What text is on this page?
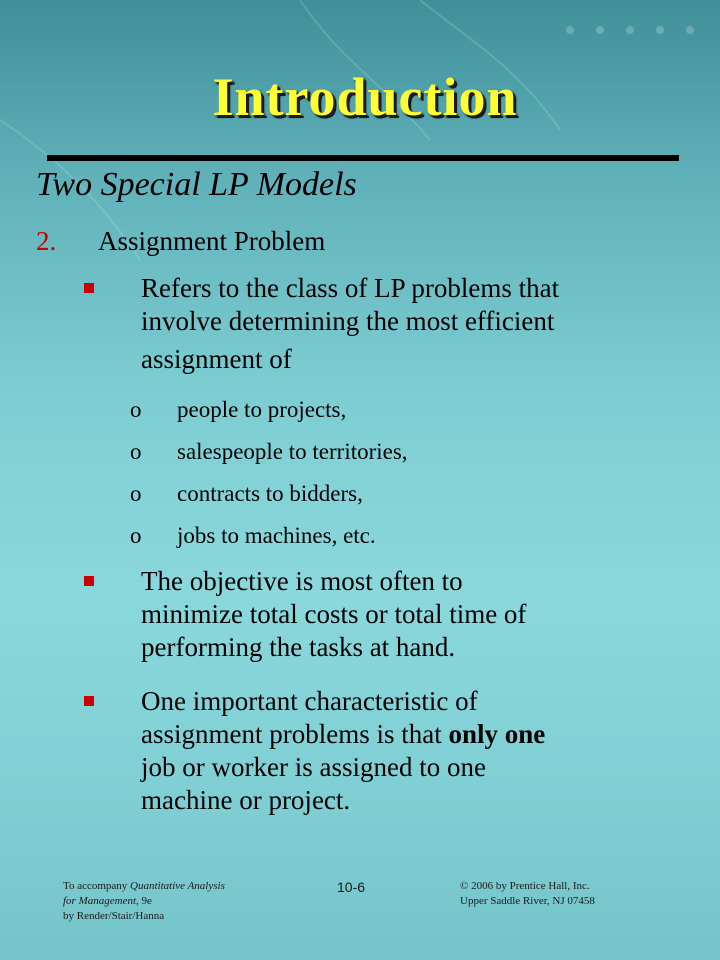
Introduction
Two Special LP Models
2. Assignment Problem
Refers to the class of LP problems that
involve determining the most efficient
assignment of
o people to projects,
o salespeople to territories,
o contracts to bidders,
o jobs to machines, etc.
The objective is most often to
minimize total costs or total time of
performing the tasks at hand.
One important characteristic of
assignment problems is that only one
job or worker is assigned to one
machine or project.
To accompany Quantitative Analysis
for Management, 9e
by Render/Stair/Hanna
10-6	© 2006 by Prentice Hall, Inc.
Upper Saddle River, NJ 07458
